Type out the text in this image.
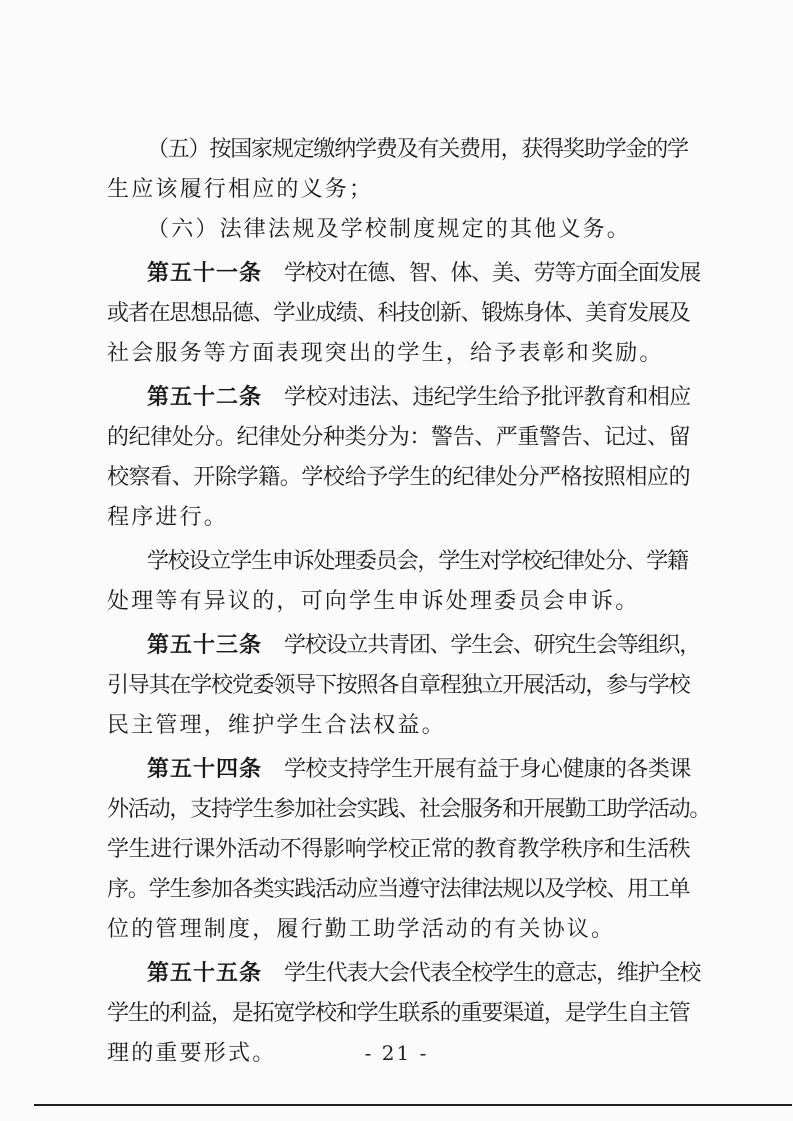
（五）按国家规定缴纳学费及有关费用，获得奖助学金的学
生应该履行相应的义务；
（六）法律法规及学校制度规定的其他义务。
第五十一条 学校对在德、智、体、美、劳等方面全面发展
或者在思想品德、学业成绩、科技创新、锻炼身体、美育发展及
社会服务等方面表现突出的学生，给予表彰和奖励。
第五十二条 学校对违法、违纪学生给予批评教育和相应
的纪律处分。纪律处分种类分为：警告、严重警告、记过、留
校察看、开除学籍。学校给予学生的纪律处分严格按照相应的
程序进行。
学校设立学生申诉处理委员会，学生对学校纪律处分、学籍
处理等有异议的，可向学生申诉处理委员会申诉。
第五十三条 学校设立共青团、学生会、研究生会等组织，
引导其在学校党委领导下按照各自章程独立开展活动，参与学校
民主管理，维护学生合法权益。
第五十四条 学校支持学生开展有益于身心健康的各类课
外活动，支持学生参加社会实践、社会服务和开展勤工助学活动。
学生进行课外活动不得影响学校正常的教育教学秩序和生活秩
序。学生参加各类实践活动应当遵守法律法规以及学校、用工单
位的管理制度，履行勤工助学活动的有关协议。
第五十五条 学生代表大会代表全校学生的意志，维护全校
学生的利益，是拓宽学校和学生联系的重要渠道，是学生自主管
理的重要形式。	- 21 -
